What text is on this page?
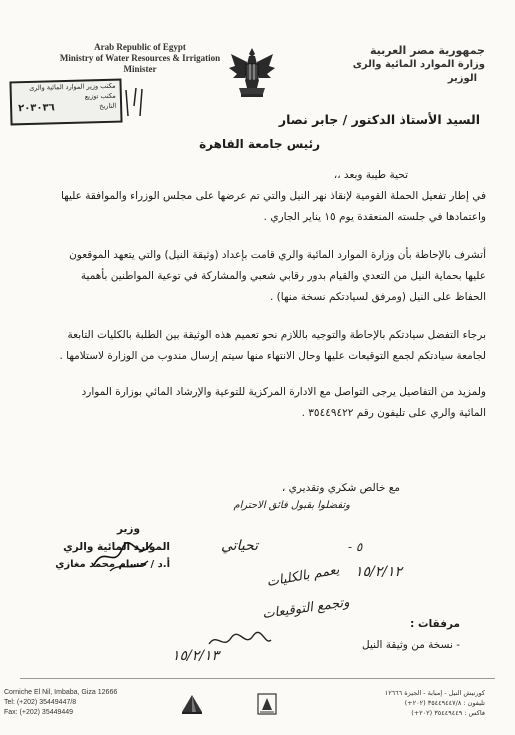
Arab Republic of Egypt
Ministry of Water Resources & Irrigation
Minister
جمهورية مصر العربية
وزارة الموارد المائية والرى
الوزير
مكتب وزير الموارد المائية والرى
مكتب توزيع
التاريخ
٢٠٣٠٣٦
السيد الأستاذ الدكتور / جابر نصار
رئيس جامعة القاهرة
تحية طيبة وبعد ،،

في إطار تفعيل الحملة القومية لإنقاذ نهر النيل والتي تم عرضها على مجلس الوزراء والموافقة عليها واعتمادها في جلسته المنعقدة يوم ١٥ يناير الجاري .

أتشرف بالإحاطة بأن وزارة الموارد المائية والري قامت بإعداد (وثيقة النيل) والتي يتعهد الموقعون عليها بحماية النيل من التعدي والقيام بدور رقابي شعبي والمشاركة في توعية المواطنين بأهمية الحفاظ على النيل (ومرفق لسيادتكم نسخة منها) .

برجاء التفضل سيادتكم بالإحاطة والتوجيه باللازم نحو تعميم هذه الوثيقة بين الطلبة بالكليات التابعة لجامعة سيادتكم لجمع التوقيعات عليها وحال الانتهاء منها سيتم إرسال مندوب من الوزارة لاستلامها .

ولمزيد من التفاصيل يرجى التواصل مع الادارة المركزية للتوعية والإرشاد المائي بوزارة الموارد المائية والري على تليفون رقم ٣٥٤٤٩٤٢٢ .

مع خالص شكري وتقديري ،
وتفضلوا بقبول فائق الاحترام
وزير
الموارد المائية والري
أ.د / حسام محمد مغازي
تحياتي	- ٥
١٥/٢/١٢
يعمم بالكليات
وتجمع التوقيعات
١٥/٢/١٣
مرفقات :
- نسخة من وثيقة النيل
Corniche El Nil, Imbaba, Giza 12666
Tel: (+202) 35449447/8
Fax: (+202) 35449449
كورنيش النيل - إمبابة - الجيزة ١٢٦٦٦
تليفون : ٣٥٤٤٩٤٤٧/٨ (٢٠٢+)
فاكس : ٣٥٤٤٩٤٤٩ (٢٠٢+)
